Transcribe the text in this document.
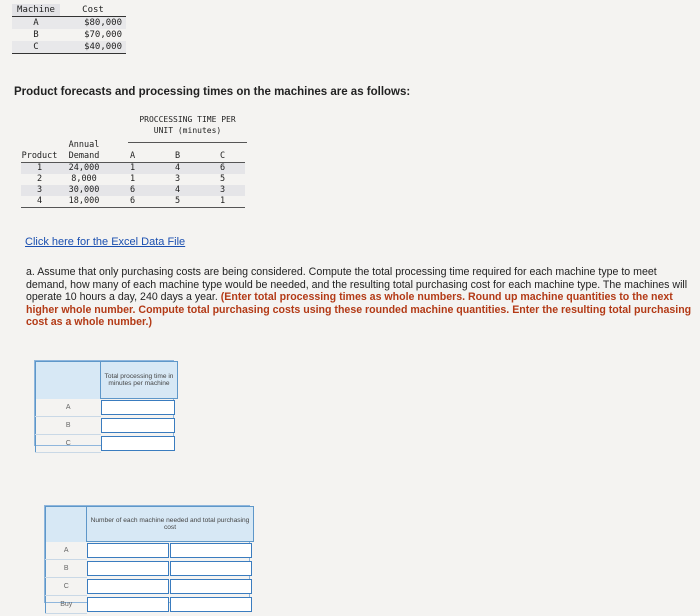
Machine	Cost
A	$80,000
B	$70,000
C	$40,000
Product forecasts and processing times on the machines are as follows:
PROCCESSING TIME PER UNIT (minutes)
	Annual			
Product	Demand	A	B	C
1	24,000	1	4	6
2	8,000	1	3	5
3	30,000	6	4	3
4	18,000	6	5	1
Click here for the Excel Data File
a. Assume that only purchasing costs are being considered. Compute the total processing time required for each machine type to meet demand, how many of each machine type would be needed, and the resulting total purchasing cost for each machine type. The machines will operate 10 hours a day, 240 days a year. (Enter total processing times as whole numbers. Round up machine quantities to the next higher whole number. Compute total purchasing costs using these rounded machine quantities. Enter the resulting total purchasing cost as a whole number.)
	Total processing time in minutes per machine
A	

B	

C	
	Number of each machine needed and total purchasing cost	
A	

B	

C	

Buy	
